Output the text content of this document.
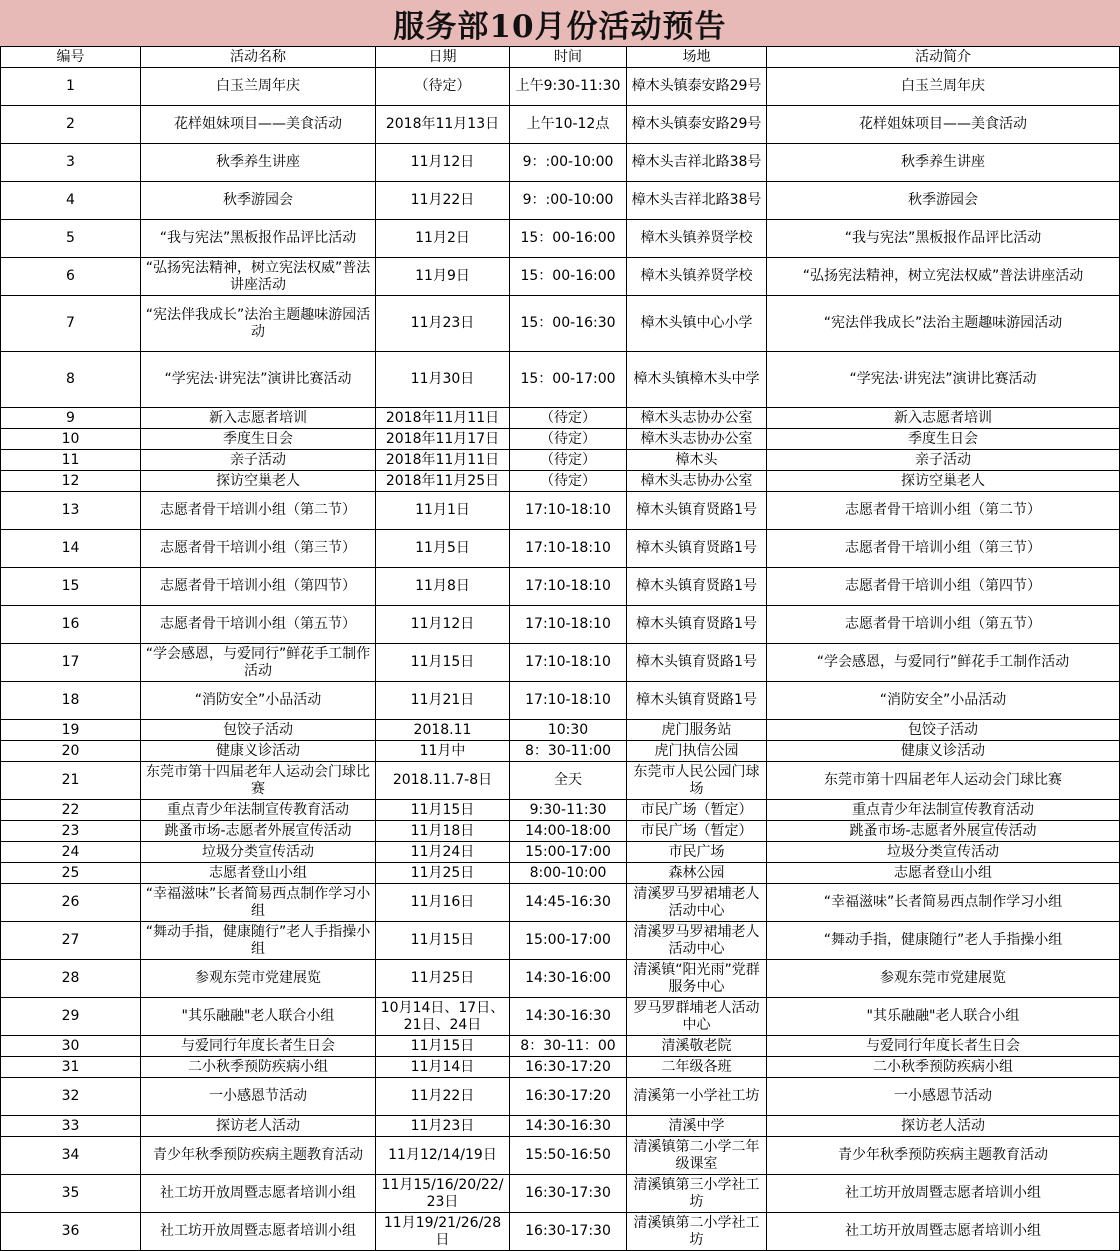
服务部10月份活动预告
编号	活动名称	日期	时间	场地	活动简介
1	白玉兰周年庆	（待定）	上午9:30-11:30	樟木头镇泰安路29号	白玉兰周年庆
2	花样姐妹项目——美食活动	2018年11月13日	上午10-12点	樟木头镇泰安路29号	花样姐妹项目——美食活动
3	秋季养生讲座	11月12日	9：:00-10:00	樟木头吉祥北路38号	秋季养生讲座
4	秋季游园会	11月22日	9：:00-10:00	樟木头吉祥北路38号	秋季游园会
5	“我与宪法”黑板报作品评比活动	11月2日	15：00-16:00	樟木头镇养贤学校	“我与宪法”黑板报作品评比活动
6	“弘扬宪法精神，树立宪法权威”普法讲座活动	11月9日	15：00-16:00	樟木头镇养贤学校	“弘扬宪法精神，树立宪法权威”普法讲座活动
7	“宪法伴我成长”法治主题趣味游园活动	11月23日	15：00-16:30	樟木头镇中心小学	“宪法伴我成长”法治主题趣味游园活动
8	“学宪法·讲宪法”演讲比赛活动	11月30日	15：00-17:00	樟木头镇樟木头中学	“学宪法·讲宪法”演讲比赛活动
9	新入志愿者培训	2018年11月11日	（待定）	樟木头志协办公室	新入志愿者培训
10	季度生日会	2018年11月17日	（待定）	樟木头志协办公室	季度生日会
11	亲子活动	2018年11月11日	（待定）	樟木头	亲子活动
12	探访空巢老人	2018年11月25日	（待定）	樟木头志协办公室	探访空巢老人
13	志愿者骨干培训小组（第二节）	11月1日	17:10-18:10	樟木头镇育贤路1号	志愿者骨干培训小组（第二节）
14	志愿者骨干培训小组（第三节）	11月5日	17:10-18:10	樟木头镇育贤路1号	志愿者骨干培训小组（第三节）
15	志愿者骨干培训小组（第四节）	11月8日	17:10-18:10	樟木头镇育贤路1号	志愿者骨干培训小组（第四节）
16	志愿者骨干培训小组（第五节）	11月12日	17:10-18:10	樟木头镇育贤路1号	志愿者骨干培训小组（第五节）
17	“学会感恩，与爱同行”鲜花手工制作活动	11月15日	17:10-18:10	樟木头镇育贤路1号	“学会感恩，与爱同行”鲜花手工制作活动
18	“消防安全”小品活动	11月21日	17:10-18:10	樟木头镇育贤路1号	“消防安全”小品活动
19	包饺子活动	2018.11	10:30	虎门服务站	包饺子活动
20	健康义诊活动	11月中	8：30-11:00	虎门执信公园	健康义诊活动
21	东莞市第十四届老年人运动会门球比赛	2018.11.7-8日	全天	东莞市人民公园门球场	东莞市第十四届老年人运动会门球比赛
22	重点青少年法制宣传教育活动	11月15日	9:30-11:30	市民广场（暂定）	重点青少年法制宣传教育活动
23	跳蚤市场-志愿者外展宣传活动	11月18日	14:00-18:00	市民广场（暂定）	跳蚤市场-志愿者外展宣传活动
24	垃圾分类宣传活动	11月24日	15:00-17:00	市民广场	垃圾分类宣传活动
25	志愿者登山小组	11月25日	8:00-10:00	森林公园	志愿者登山小组
26	“幸福滋味”长者简易西点制作学习小组	11月16日	14:45-16:30	清溪罗马罗裙埔老人活动中心	“幸福滋味”长者简易西点制作学习小组
27	“舞动手指，健康随行”老人手指操小组	11月15日	15:00-17:00	清溪罗马罗裙埔老人活动中心	“舞动手指，健康随行”老人手指操小组
28	参观东莞市党建展览	11月25日	14:30-16:00	清溪镇“阳光雨”党群服务中心	参观东莞市党建展览
29	"其乐融融"老人联合小组	10月14日、17日、21日、24日	14:30-16:30	罗马罗群埔老人活动中心	"其乐融融"老人联合小组
30	与爱同行年度长者生日会	11月15日	8：30-11：00	清溪敬老院	与爱同行年度长者生日会
31	二小秋季预防疾病小组	11月14日	16:30-17:20	二年级各班	二小秋季预防疾病小组
32	一小感恩节活动	11月22日	16:30-17:20	清溪第一小学社工坊	一小感恩节活动
33	探访老人活动	11月23日	14:30-16:30	清溪中学	探访老人活动
34	青少年秋季预防疾病主题教育活动	11月12/14/19日	15:50-16:50	清溪镇第二小学二年级课室	青少年秋季预防疾病主题教育活动
35	社工坊开放周暨志愿者培训小组	11月15/16/20/22/23日	16:30-17:30	清溪镇第三小学社工坊	社工坊开放周暨志愿者培训小组
36	社工坊开放周暨志愿者培训小组	11月19/21/26/28日	16:30-17:30	清溪镇第二小学社工坊	社工坊开放周暨志愿者培训小组
